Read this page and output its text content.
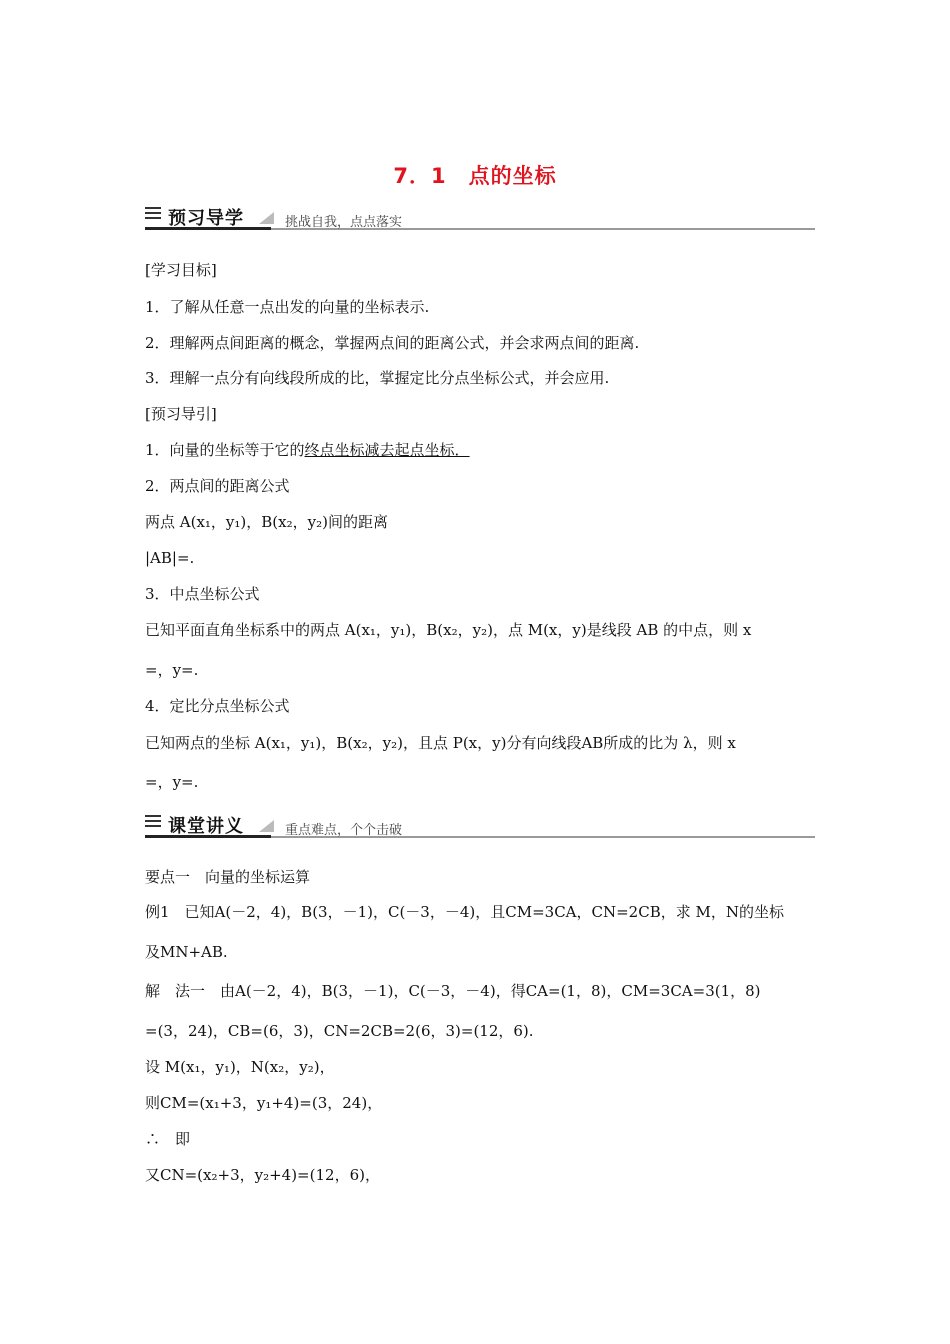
7．1　点的坐标
预习导学	挑战自我，点点落实
[学习目标]
1．了解从任意一点出发的向量的坐标表示.
2．理解两点间距离的概念，掌握两点间的距离公式，并会求两点间的距离.
3．理解一点分有向线段所成的比，掌握定比分点坐标公式，并会应用.
[预习导引]
1．向量的坐标等于它的终点坐标减去起点坐标．
2．两点间的距离公式
两点 A(x₁，y₁)，B(x₂，y₂)间的距离
|AB|=.
3．中点坐标公式
已知平面直角坐标系中的两点 A(x₁，y₁)，B(x₂，y₂)，点 M(x，y)是线段 AB 的中点，则 x
=，y=.
4．定比分点坐标公式
已知两点的坐标 A(x₁，y₁)，B(x₂，y₂)，且点 P(x，y)分有向线段AB所成的比为 λ，则 x
=，y=.
课堂讲义	重点难点，个个击破
要点一　向量的坐标运算
例1　已知A(－2，4)，B(3，－1)，C(－3，－4)，且CM=3CA，CN=2CB，求 M，N的坐标
及MN+AB.
解　法一　由A(－2，4)，B(3，－1)，C(－3，－4)，得CA=(1，8)，CM=3CA=3(1，8)
=(3，24)，CB=(6，3)，CN=2CB=2(6，3)=(12，6).
设 M(x₁，y₁)，N(x₂，y₂)，
则CM=(x₁+3，y₁+4)=(3，24)，
∴　即
又CN=(x₂+3，y₂+4)=(12，6)，
